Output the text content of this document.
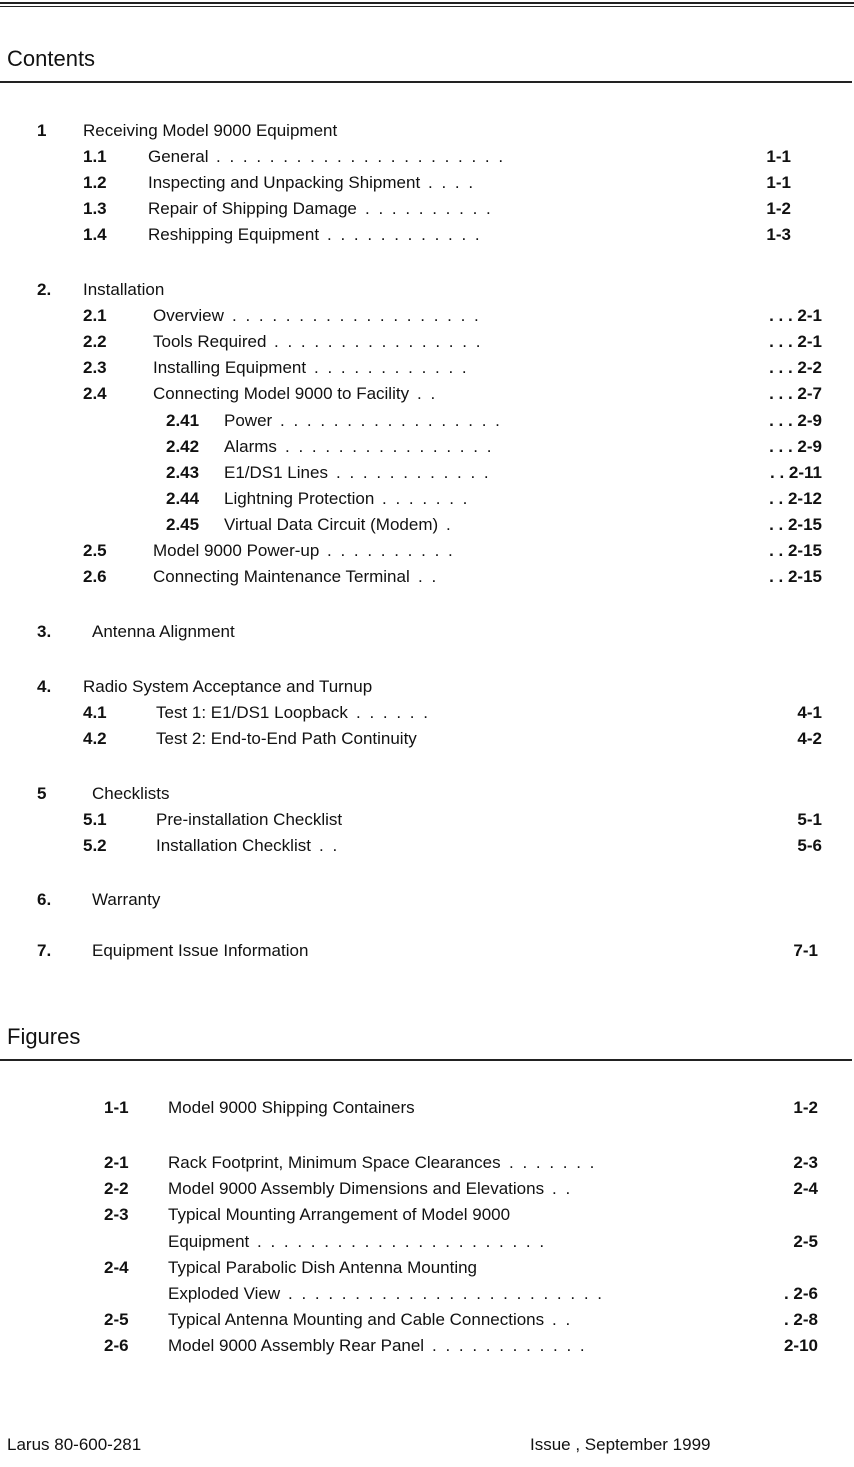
Contents
1 Receiving Model 9000 Equipment
1.1 General . . . . . . . . . . . . . . . . . . . . . .	1-1
1.2 Inspecting and Unpacking Shipment . . . .	1-1
1.3 Repair of Shipping Damage . . . . . . . . . .	1-2
1.4 Reshipping Equipment . . . . . . . . . . . .	1-3
2. Installation
2.1	Overview . . . . . . . . . . . . . . . . . . .	. . . 2-1
2.2	Tools Required . . . . . . . . . . . . . . . .	. . . 2-1
2.3	Installing Equipment . . . . . . . . . . . .	. . . 2-2
2.4	Connecting Model 9000 to Facility . .	. . . 2-7
2.41 Power . . . . . . . . . . . . . . . . .	. . . 2-9
2.42 Alarms . . . . . . . . . . . . . . . .	. . . 2-9
2.43 E1/DS1 Lines . . . . . . . . . . . .	. . 2-11
2.44 Lightning Protection . . . . . . .	. . 2-12
2.45 Virtual Data Circuit (Modem) .	. . 2-15
2.5	Model 9000 Power-up . . . . . . . . . .	. . 2-15
2.6	Connecting Maintenance Terminal . .	. . 2-15
3. Antenna Alignment
4. Radio System Acceptance and Turnup
4.1	Test 1: E1/DS1 Loopback . . . . . .	4-1
4.2	Test 2: End-to-End Path Continuity	4-2
5	Checklists
5.1	Pre-installation Checklist	5-1
5.2	Installation Checklist . .	5-6
6. Warranty
7. Equipment Issue Information	7-1
Figures
1-1 Model 9000 Shipping Containers	1-2
2-1 Rack Footprint, Minimum Space Clearances . . . . . . .	2-3
2-2 Model 9000 Assembly Dimensions and Elevations . .	2-4
2-3 Typical Mounting Arrangement of Model 9000
Equipment . . . . . . . . . . . . . . . . . . . . . .	2-5
2-4 Typical Parabolic Dish Antenna Mounting
Exploded View . . . . . . . . . . . . . . . . . . . . . . . .	. 2-6
2-5 Typical Antenna Mounting and Cable Connections . .	. 2-8
2-6 Model 9000 Assembly Rear Panel . . . . . . . . . . . .	2-10
Larus 80-600-281	Issue , September 1999
